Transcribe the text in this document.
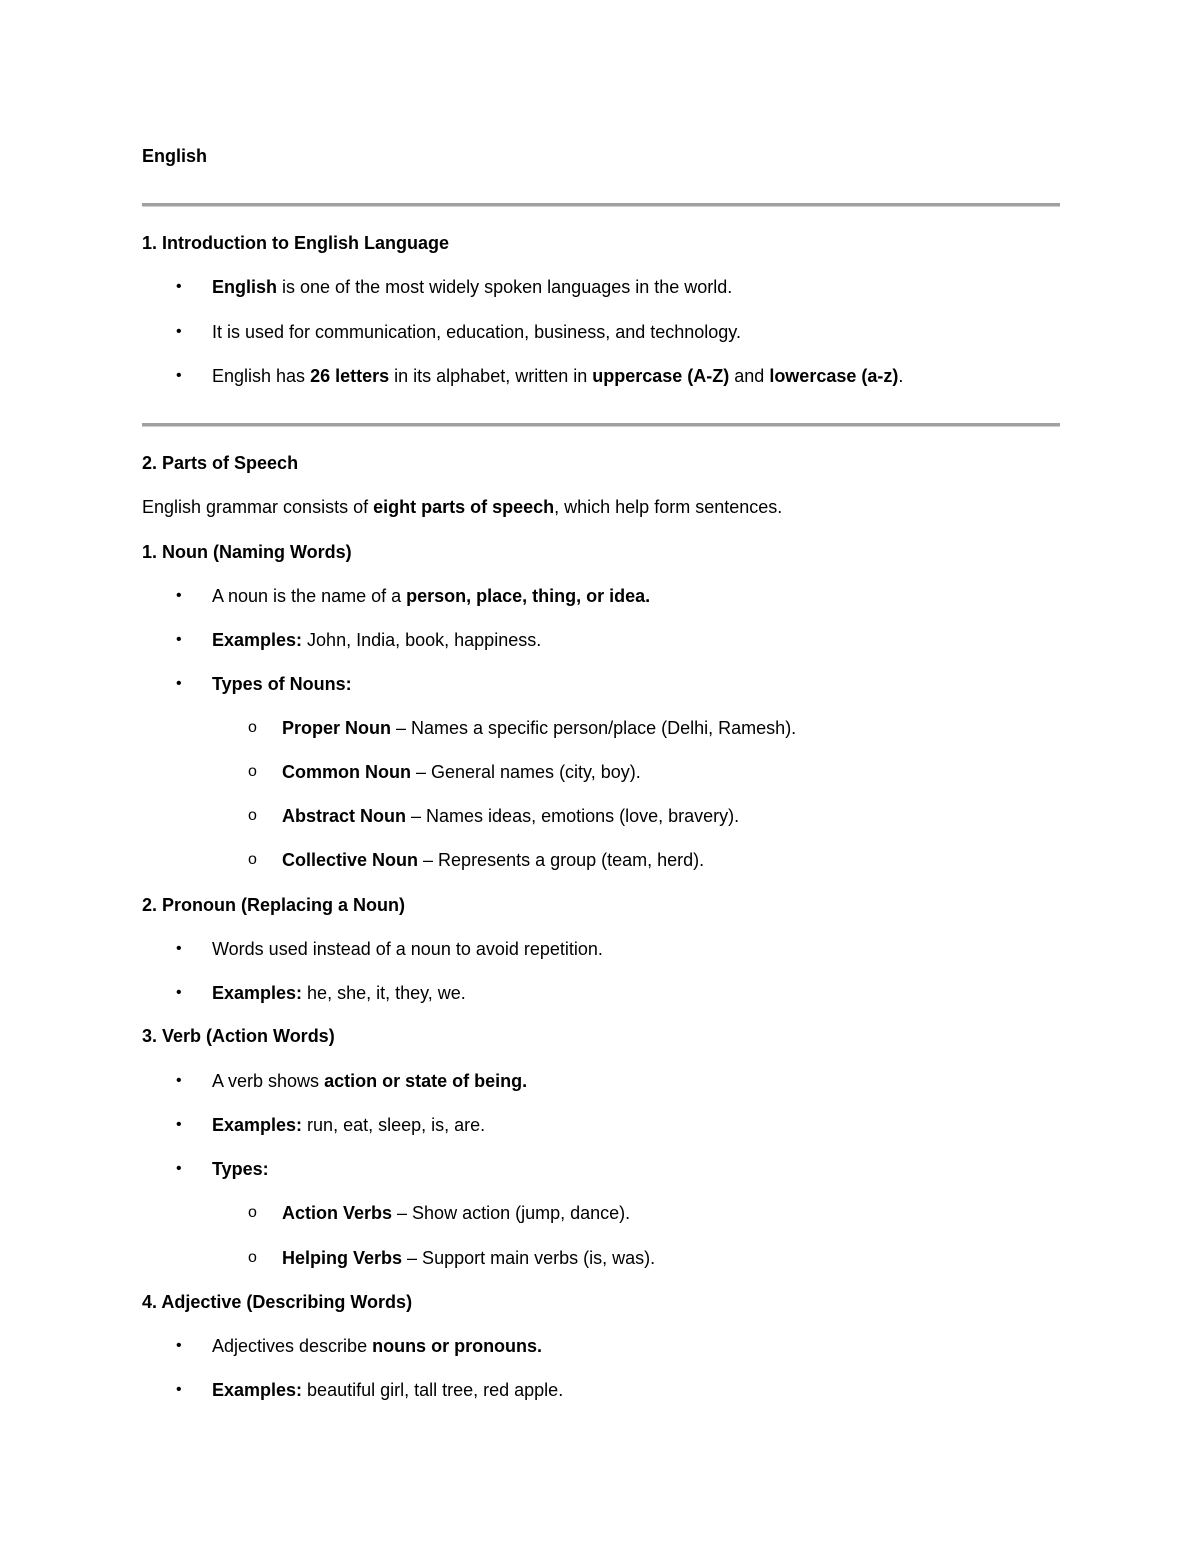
English
1. Introduction to English Language
• English is one of the most widely spoken languages in the world.
• It is used for communication, education, business, and technology.
• English has 26 letters in its alphabet, written in uppercase (A-Z) and lowercase (a-z).
2. Parts of Speech
English grammar consists of eight parts of speech, which help form sentences.
1. Noun (Naming Words)
• A noun is the name of a person, place, thing, or idea.
• Examples: John, India, book, happiness.
• Types of Nouns:
o Proper Noun – Names a specific person/place (Delhi, Ramesh).
o Common Noun – General names (city, boy).
o Abstract Noun – Names ideas, emotions (love, bravery).
o Collective Noun – Represents a group (team, herd).
2. Pronoun (Replacing a Noun)
• Words used instead of a noun to avoid repetition.
• Examples: he, she, it, they, we.
3. Verb (Action Words)
• A verb shows action or state of being.
• Examples: run, eat, sleep, is, are.
• Types:
o Action Verbs – Show action (jump, dance).
o Helping Verbs – Support main verbs (is, was).
4. Adjective (Describing Words)
• Adjectives describe nouns or pronouns.
• Examples: beautiful girl, tall tree, red apple.
